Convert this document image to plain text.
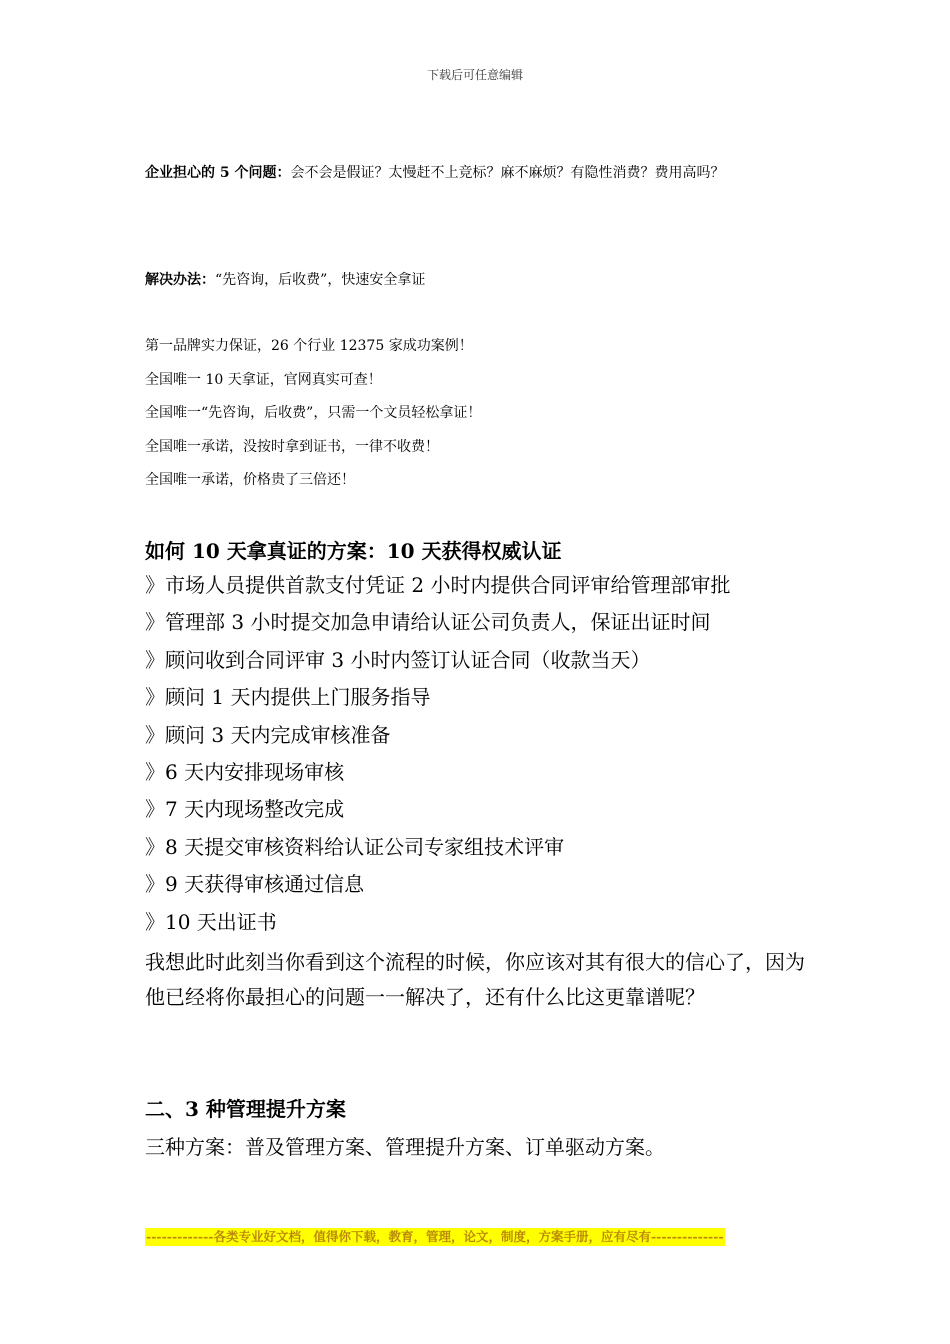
下载后可任意编辑
企业担心的 5 个问题：会不会是假证？太慢赶不上竞标？麻不麻烦？有隐性消费？费用高吗？
解决办法：“先咨询，后收费”，快速安全拿证
第一品牌实力保证，26 个行业 12375 家成功案例！
全国唯一 10 天拿证，官网真实可查！
全国唯一“先咨询，后收费”，只需一个文员轻松拿证！
全国唯一承诺，没按时拿到证书，一律不收费！
全国唯一承诺，价格贵了三倍还！
如何 10 天拿真证的方案：10 天获得权威认证
》市场人员提供首款支付凭证 2 小时内提供合同评审给管理部审批
》管理部 3 小时提交加急申请给认证公司负责人，保证出证时间
》顾问收到合同评审 3 小时内签订认证合同（收款当天）
》顾问 1 天内提供上门服务指导
》顾问 3 天内完成审核准备
》6 天内安排现场审核
》7 天内现场整改完成
》8 天提交审核资料给认证公司专家组技术评审
》9 天获得审核通过信息
》10 天出证书
我想此时此刻当你看到这个流程的时候，你应该对其有很大的信心了，因为他已经将你最担心的问题一一解决了，还有什么比这更靠谱呢？
二、3 种管理提升方案
三种方案：普及管理方案、管理提升方案、订单驱动方案。
-------------各类专业好文档，值得你下载，教育，管理，论文，制度，方案手册，应有尽有--------------
